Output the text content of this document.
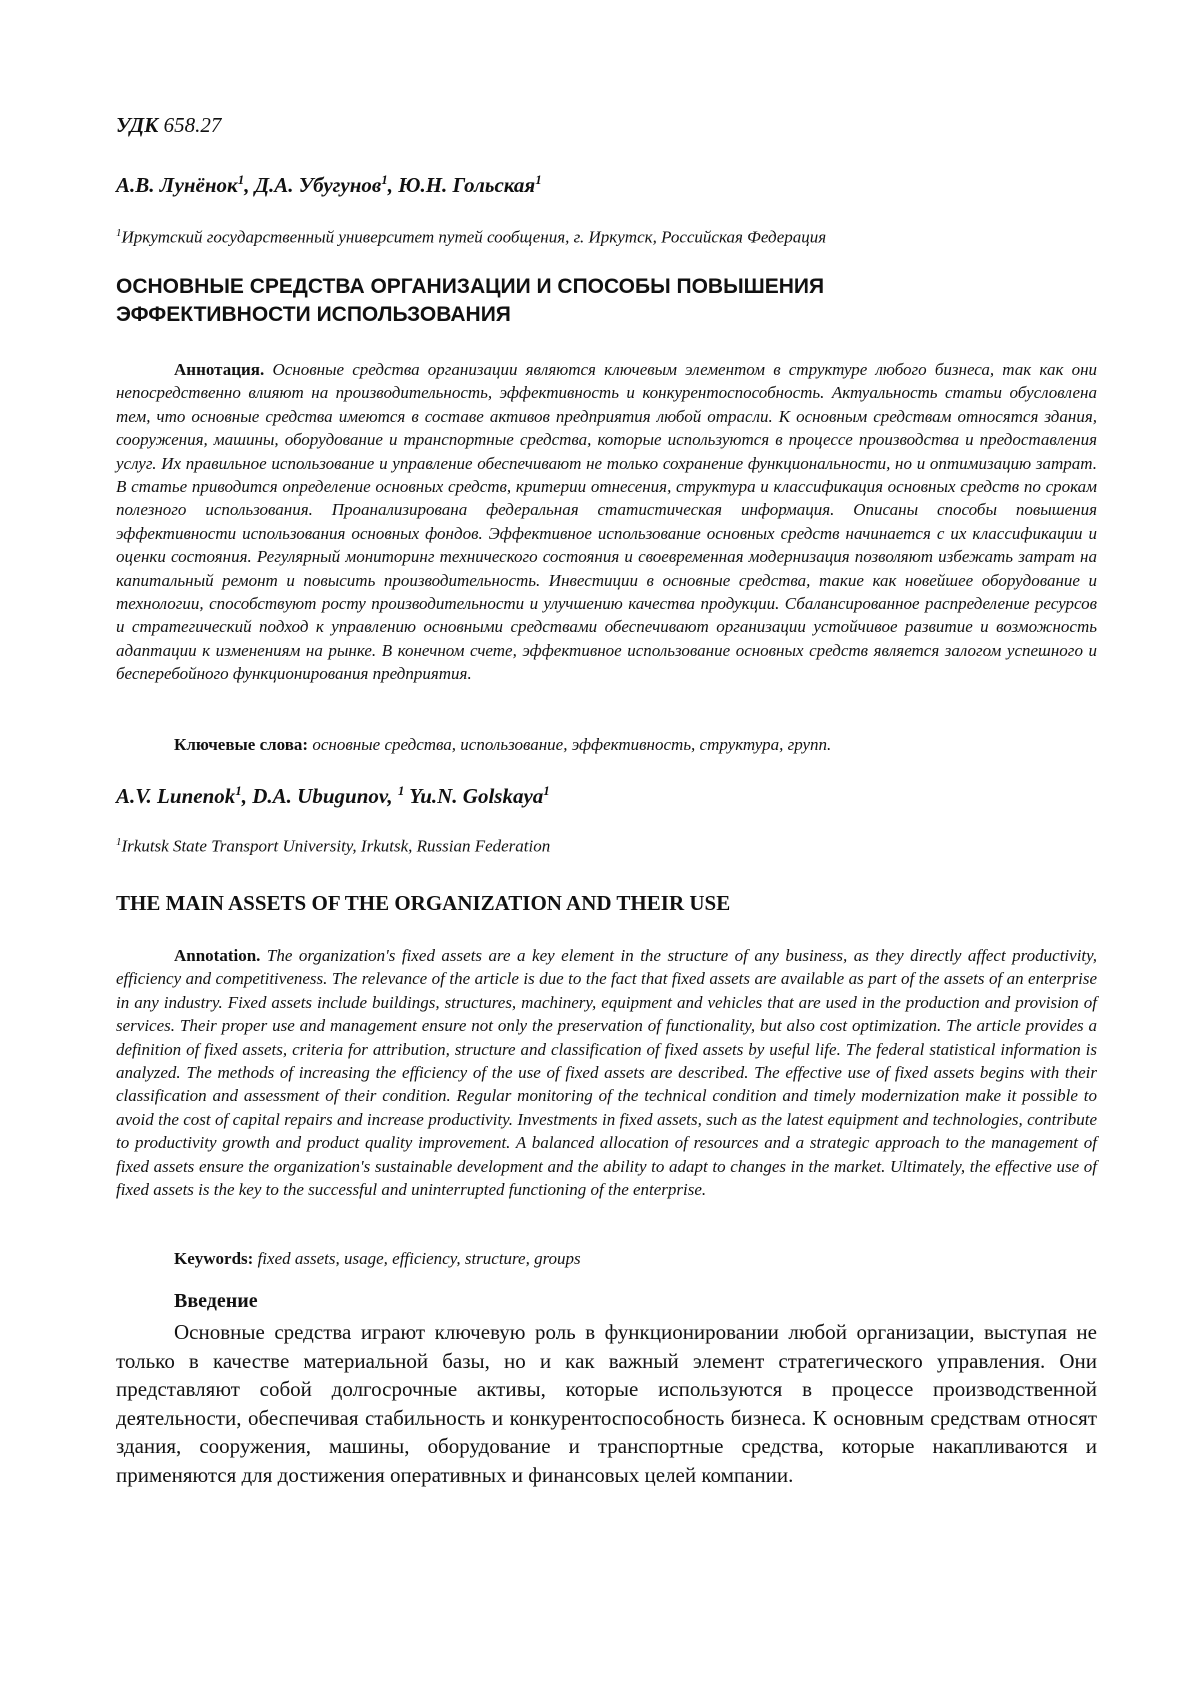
УДК 658.27
А.В. Лунёнок$^1$, Д.А. Убугунов$^1$, Ю.Н. Гольская$^1$
$^1$Иркутский государственный университет путей сообщения, г. Иркутск, Российская Федерация
ОСНОВНЫЕ СРЕДСТВА ОРГАНИЗАЦИИ И СПОСОБЫ ПОВЫШЕНИЯ
ЭФФЕКТИВНОСТИ ИСПОЛЬЗОВАНИЯ

Аннотация. Основные средства организации являются ключевым элементом в структуре любого бизнеса, так как они непосредственно влияют на производительность, эффективность и конкурентоспособность. Актуальность статьи обусловлена тем, что основные средства имеются в составе активов предприятия любой отрасли. К основным средствам относятся здания, сооружения, машины, оборудование и транспортные средства, которые используются в процессе производства и предоставления услуг. Их правильное использование и управление обеспечивают не только сохранение функциональности, но и оптимизацию затрат. В статье приводится определение основных средств, критерии отнесения, структура и классификация основных средств по срокам полезного использования. Проанализирована федеральная статистическая информация. Описаны способы повышения эффективности использования основных фондов. Эффективное использование основных средств начинается с их классификации и оценки состояния. Регулярный мониторинг технического состояния и своевременная модернизация позволяют избежать затрат на капитальный ремонт и повысить производительность. Инвестиции в основные средства, такие как новейшее оборудование и технологии, способствуют росту производительности и улучшению качества продукции. Сбалансированное распределение ресурсов и стратегический подход к управлению основными средствами обеспечивают организации устойчивое развитие и возможность адаптации к изменениям на рынке. В конечном счете, эффективное использование основных средств является залогом успешного и бесперебойного функционирования предприятия.

Ключевые слова: основные средства, использование, эффективность, структура, групп.
A.V. Lunenok$^1$, D.A. Ubugunov, $^1$ Yu.N. Golskaya$^1$
$^1$Irkutsk State Transport University, Irkutsk, Russian Federation
THE MAIN ASSETS OF THE ORGANIZATION AND THEIR USE

Annotation. The organization's fixed assets are a key element in the structure of any business, as they directly affect productivity, efficiency and competitiveness. The relevance of the article is due to the fact that fixed assets are available as part of the assets of an enterprise in any industry. Fixed assets include buildings, structures, machinery, equipment and vehicles that are used in the production and provision of services. Their proper use and management ensure not only the preservation of functionality, but also cost optimization. The article provides a definition of fixed assets, criteria for attribution, structure and classification of fixed assets by useful life. The federal statistical information is analyzed. The methods of increasing the efficiency of the use of fixed assets are described. The effective use of fixed assets begins with their classification and assessment of their condition. Regular monitoring of the technical condition and timely modernization make it possible to avoid the cost of capital repairs and increase productivity. Investments in fixed assets, such as the latest equipment and technologies, contribute to productivity growth and product quality improvement. A balanced allocation of resources and a strategic approach to the management of fixed assets ensure the organization's sustainable development and the ability to adapt to changes in the market. Ultimately, the effective use of fixed assets is the key to the successful and uninterrupted functioning of the enterprise.

Keywords: fixed assets, usage, efficiency, structure, groups
Введение

Основные средства играют ключевую роль в функционировании любой организации, выступая не только в качестве материальной базы, но и как важный элемент стратегического управления. Они представляют собой долгосрочные активы, которые используются в процессе производственной деятельности, обеспечивая стабильность и конкурентоспособность бизнеса. К основным средствам относят здания, сооружения, машины, оборудование и транспортные средства, которые накапливаются и применяются для достижения оперативных и финансовых целей компании.
